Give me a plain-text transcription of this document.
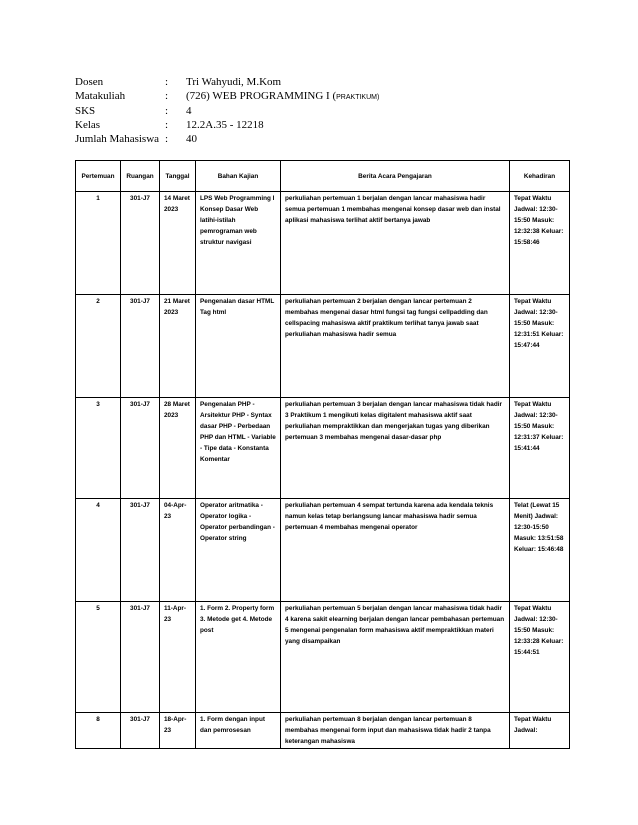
Dosen	:	Tri Wahyudi, M.Kom
Matakuliah	:	(726) WEB PROGRAMMING I (PRAKTIKUM)
SKS	:	4
Kelas	:	12.2A.35 - 12218
Jumlah Mahasiswa :	40
Pertemuan	Ruangan	Tanggal	Bahan Kajian	Berita Acara Pengajaran	Kehadiran
1	301-J7	14 Maret 2023	LPS Web Programming I Konsep Dasar Web latihi-istilah pemrograman web struktur navigasi	perkuliahan pertemuan 1 berjalan dengan lancar mahasiswa hadir semua pertemuan 1 membahas mengenai konsep dasar web dan instal aplikasi mahasiswa terlihat aktif bertanya jawab	Tepat Waktu Jadwal: 12:30-15:50 Masuk: 12:32:38 Keluar: 15:58:46
2	301-J7	21 Maret 2023	Pengenalan dasar HTML Tag html	perkuliahan pertemuan 2 berjalan dengan lancar pertemuan 2 membahas mengenai dasar html fungsi tag fungsi cellpadding dan cellspacing mahasiswa aktif praktikum terlihat tanya jawab saat perkuliahan mahasiswa hadir semua	Tepat Waktu Jadwal: 12:30-15:50 Masuk: 12:31:51 Keluar: 15:47:44
3	301-J7	28 Maret 2023	Pengenalan PHP - Arsitektur PHP - Syntax dasar PHP - Perbedaan PHP dan HTML - Variable - Tipe data - Konstanta Komentar	perkuliahan pertemuan 3 berjalan dengan lancar mahasiswa tidak hadir 3 Praktikum 1 mengikuti kelas digitalent mahasiswa aktif saat perkuliahan mempraktikkan dan mengerjakan tugas yang diberikan pertemuan 3 membahas mengenai dasar-dasar php	Tepat Waktu Jadwal: 12:30-15:50 Masuk: 12:31:37 Keluar: 15:41:44
4	301-J7	04-Apr-23	Operator aritmatika - Operator logika - Operator perbandingan - Operator string	perkuliahan pertemuan 4 sempat tertunda karena ada kendala teknis namun kelas tetap berlangsung lancar mahasiswa hadir semua pertemuan 4 membahas mengenai operator	Telat (Lewat 15 Menit) Jadwal: 12:30-15:50 Masuk: 13:51:58 Keluar: 15:46:48
5	301-J7	11-Apr-23	1. Form 2. Property form 3. Metode get 4. Metode post	perkuliahan pertemuan 5 berjalan dengan lancar mahasiswa tidak hadir 4 karena sakit elearning berjalan dengan lancar pembahasan pertemuan 5 mengenai pengenalan form mahasiswa aktif mempraktikkan materi yang disampaikan	Tepat Waktu Jadwal: 12:30-15:50 Masuk: 12:33:28 Keluar: 15:44:51
8	301-J7	18-Apr-23	1. Form dengan input dan pemrosesan	perkuliahan pertemuan 8 berjalan dengan lancar pertemuan 8 membahas mengenai form input dan mahasiswa tidak hadir 2 tanpa keterangan mahasiswa	Tepat Waktu Jadwal:
